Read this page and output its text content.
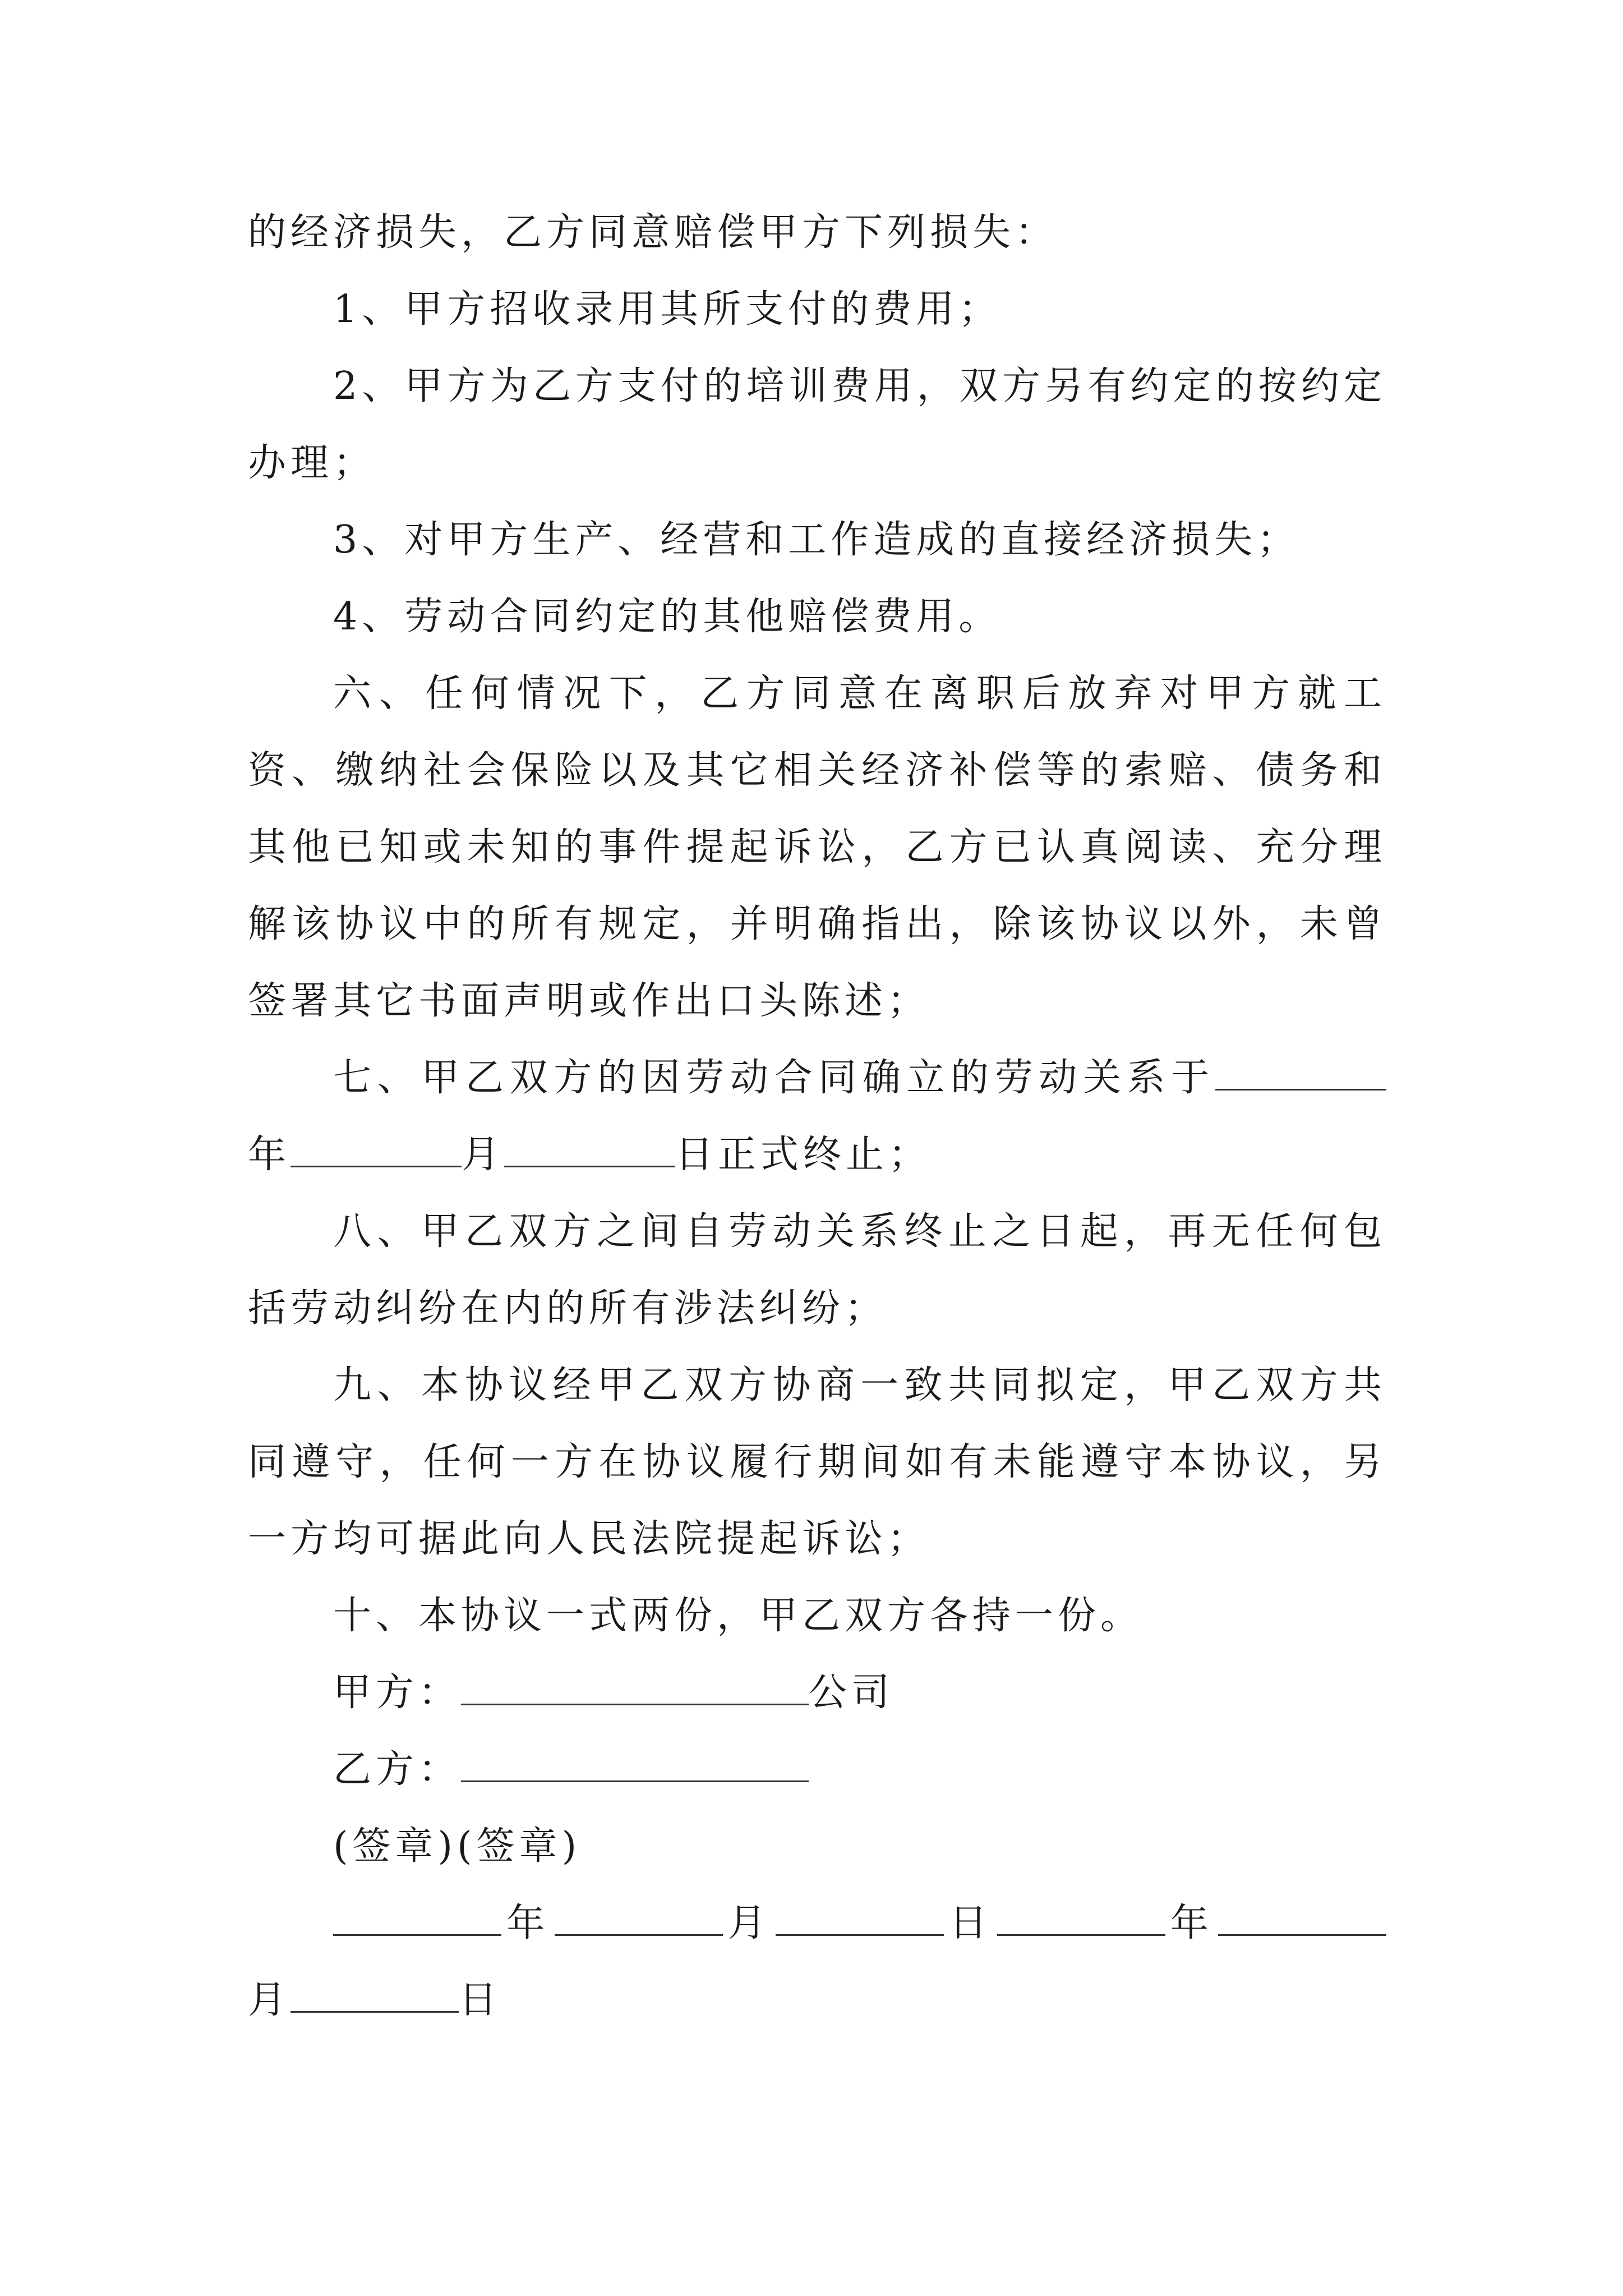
的经济损失，乙方同意赔偿甲方下列损失：

1、甲方招收录用其所支付的费用；

2、甲方为乙方支付的培训费用，双方另有约定的按约定办理；

3、对甲方生产、经营和工作造成的直接经济损失；

4、劳动合同约定的其他赔偿费用。

六、任何情况下，乙方同意在离职后放弃对甲方就工资、缴纳社会保险以及其它相关经济补偿等的索赔、债务和其他已知或未知的事件提起诉讼，乙方已认真阅读、充分理解该协议中的所有规定，并明确指出，除该协议以外，未曾签署其它书面声明或作出口头陈述；

七、甲乙双方的因劳动合同确立的劳动关系于

年	月	日正式终止；

八、甲乙双方之间自劳动关系终止之日起，再无任何包括劳动纠纷在内的所有涉法纠纷；

九、本协议经甲乙双方协商一致共同拟定，甲乙双方共同遵守，任何一方在协议履行期间如有未能遵守本协议，另一方均可据此向人民法院提起诉讼；

十、本协议一式两份，甲乙双方各持一份。

甲方：	公司

乙方：

(签章)(签章)

年	月	日	年

月	日
